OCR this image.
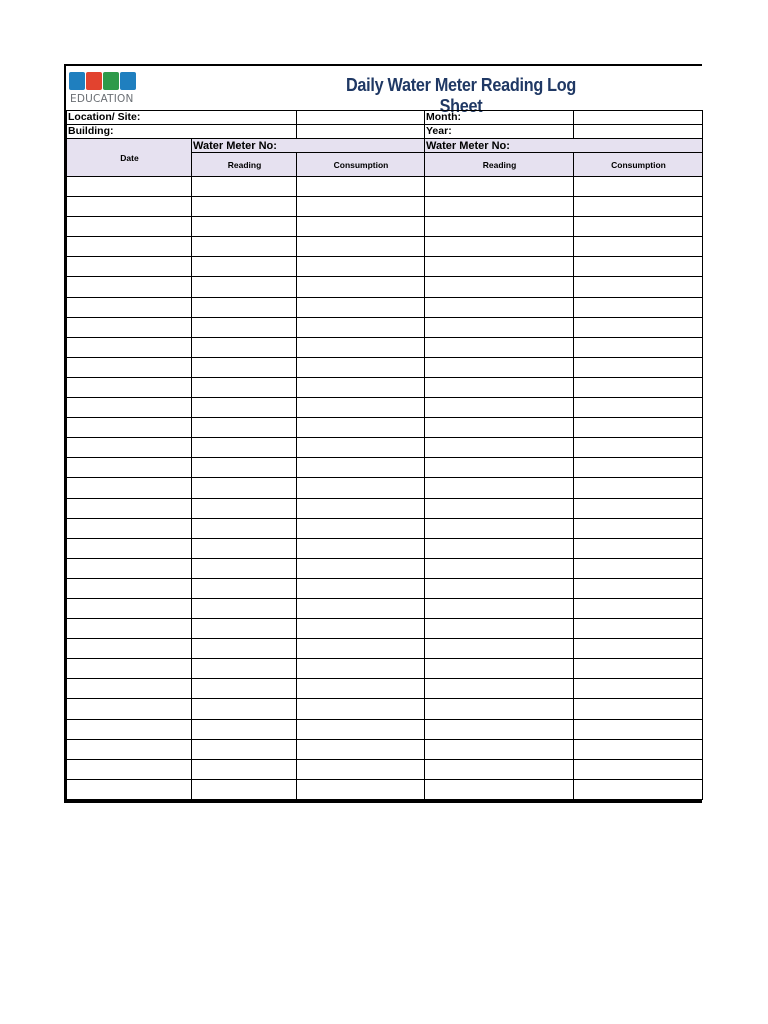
EDUCATION
Daily Water Meter Reading Log Sheet
Location/ Site:			Month:	
Building:			Year:	
Date	Water Meter No:		Water Meter No:	
	Reading	Consumption	Reading	Consumption
